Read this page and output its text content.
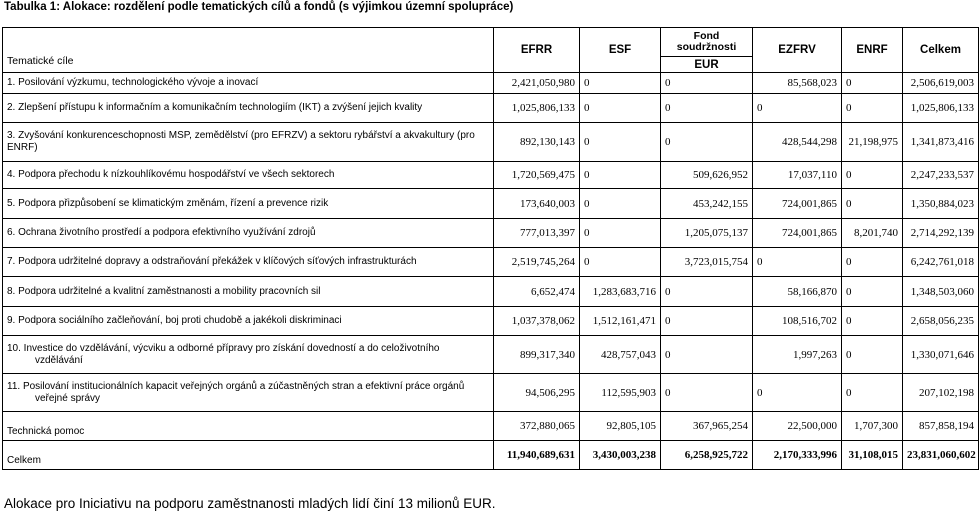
Tabulka 1: Alokace: rozdělení podle tematických cílů a fondů (s výjimkou územní spolupráce)
Tematické cíle	EFRR	ESF	Fond soudržnosti	EZFRV	ENRF	Celkem
			EUR			
1. Posilování výzkumu, technologického vývoje a inovací	2,421,050,980	0	0	85,568,023	0	2,506,619,003
2. Zlepšení přístupu k informačním a komunikačním technologiím (IKT) a zvýšení jejich kvality	1,025,806,133	0	0	0	0	1,025,806,133
3. Zvyšování konkurenceschopnosti MSP, zemědělství (pro EFRZV) a sektoru rybářství a akvakultury (pro ENRF)	892,130,143	0	0	428,544,298	21,198,975	1,341,873,416
4. Podpora přechodu k nízkouhlíkovému hospodářství ve všech sektorech	1,720,569,475	0	509,626,952	17,037,110	0	2,247,233,537
5. Podpora přizpůsobení se klimatickým změnám, řízení a prevence rizik	173,640,003	0	453,242,155	724,001,865	0	1,350,884,023
6. Ochrana životního prostředí a podpora efektivního využívání zdrojů	777,013,397	0	1,205,075,137	724,001,865	8,201,740	2,714,292,139
7. Podpora udržitelné dopravy a odstraňování překážek v klíčových síťových infrastrukturách	2,519,745,264	0	3,723,015,754	0	0	6,242,761,018
8. Podpora udržitelné a kvalitní zaměstnanosti a mobility pracovních sil	6,652,474	1,283,683,716	0	58,166,870	0	1,348,503,060
9. Podpora sociálního začleňování, boj proti chudobě a jakékoli diskriminaci	1,037,378,062	1,512,161,471	0	108,516,702	0	2,658,056,235
10. Investice do vzdělávání, výcviku a odborné přípravy pro získání dovedností a do celoživotního
vzdělávání	899,317,340	428,757,043	0	1,997,263	0	1,330,071,646
11. Posilování institucionálních kapacit veřejných orgánů a zúčastněných stran a efektivní práce orgánů
veřejné správy	94,506,295	112,595,903	0	0	0	207,102,198
Technická pomoc	372,880,065	92,805,105	367,965,254	22,500,000	1,707,300	857,858,194
Celkem	11,940,689,631	3,430,003,238	6,258,925,722	2,170,333,996	31,108,015	23,831,060,602
Alokace pro Iniciativu na podporu zaměstnanosti mladých lidí činí 13 milionů EUR.
